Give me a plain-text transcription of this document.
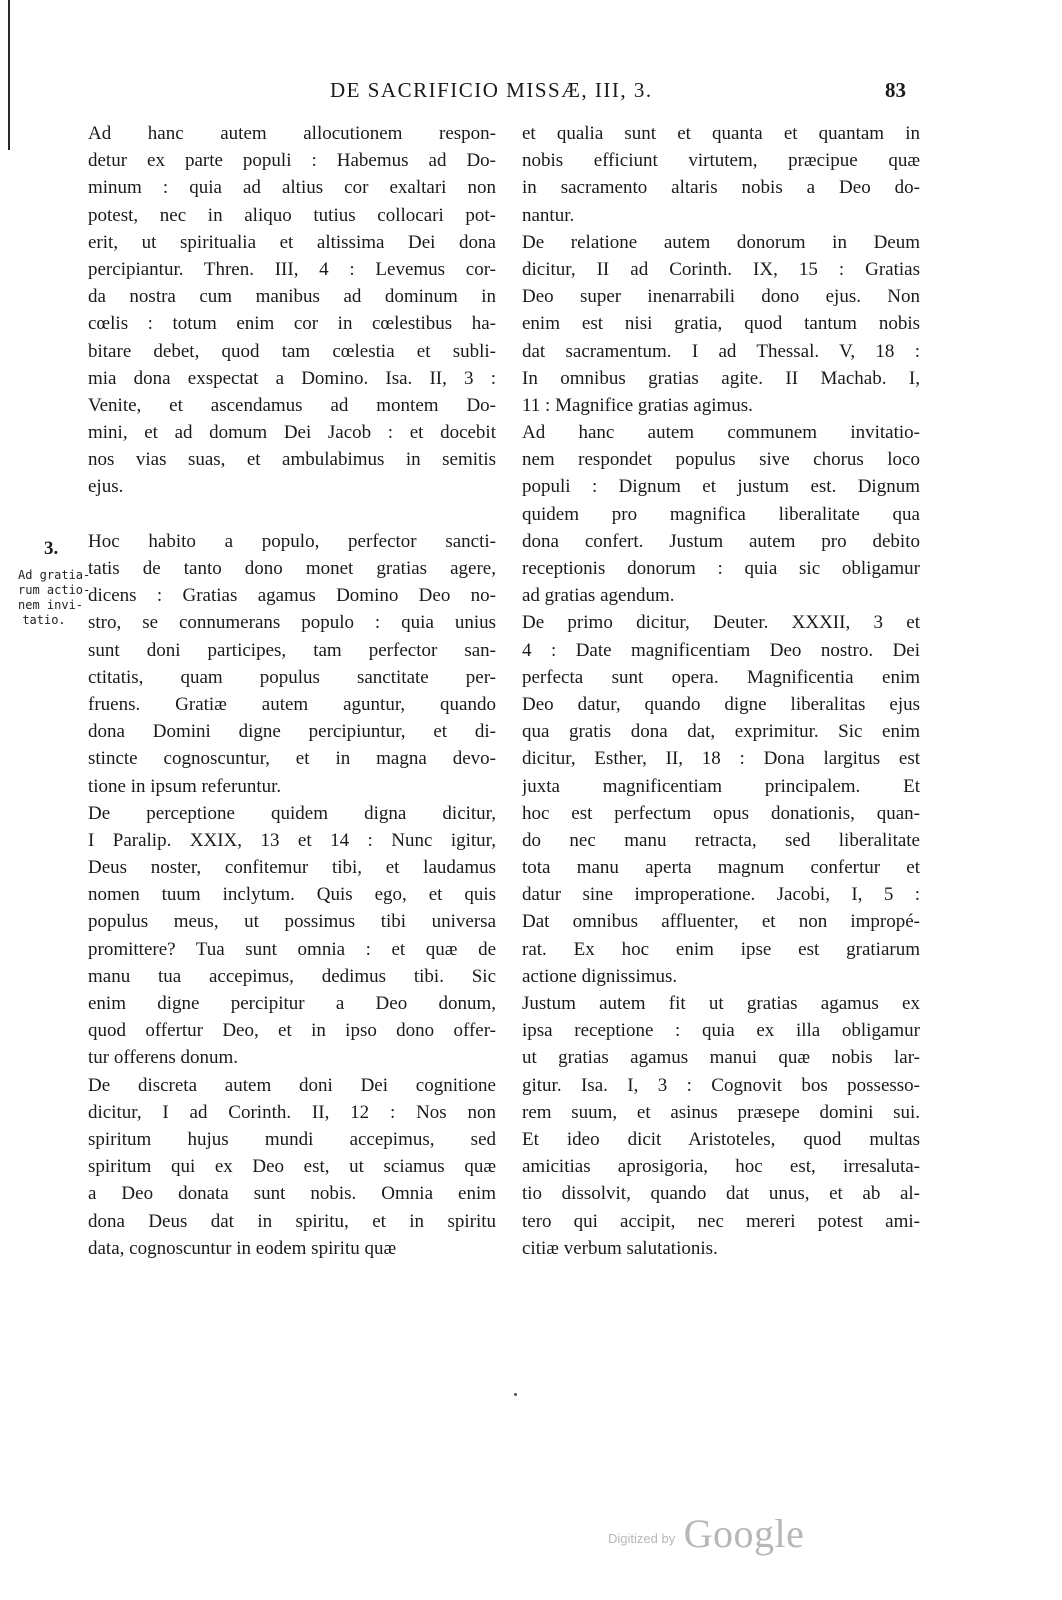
DE SACRIFICIO MISSÆ, III, 3.	83
3.
Ad gratia-
rum actio-
nem invi-
tatio.
Ad hanc autem allocutionem respon-
detur ex parte populi : Habemus ad Do-
minum : quia ad altius cor exaltari non
potest, nec in aliquo tutius collocari pot-
erit, ut spiritualia et altissima Dei dona
percipiantur. Thren. III, 4 : Levemus cor-
da nostra cum manibus ad dominum in
cœlis : totum enim cor in cœlestibus ha-
bitare debet, quod tam cœlestia et subli-
mia dona exspectat a Domino. Isa. II, 3 :
Venite, et ascendamus ad montem Do-
mini, et ad domum Dei Jacob : et docebit
nos vias suas, et ambulabimus in semitis
ejus.
Hoc habito a populo, perfector sancti-
tatis de tanto dono monet gratias agere,
dicens : Gratias agamus Domino Deo no-
stro, se connumerans populo : quia unius
sunt doni participes, tam perfector san-
ctitatis, quam populus sanctitate per-
fruens. Gratiæ autem aguntur, quando
dona Domini digne percipiuntur, et di-
stincte cognoscuntur, et in magna devo-
tione in ipsum referuntur.
De perceptione quidem digna dicitur,
I Paralip. XXIX, 13 et 14 : Nunc igitur,
Deus noster, confitemur tibi, et laudamus
nomen tuum inclytum. Quis ego, et quis
populus meus, ut possimus tibi universa
promittere? Tua sunt omnia : et quæ de
manu tua accepimus, dedimus tibi. Sic
enim digne percipitur a Deo donum,
quod offertur Deo, et in ipso dono offer-
tur offerens donum.
De discreta autem doni Dei cognitione
dicitur, I ad Corinth. II, 12 : Nos non
spiritum hujus mundi accepimus, sed
spiritum qui ex Deo est, ut sciamus quæ
a Deo donata sunt nobis. Omnia enim
dona Deus dat in spiritu, et in spiritu
data, cognoscuntur in eodem spiritu quæ
et qualia sunt et quanta et quantam in
nobis efficiunt virtutem, præcipue quæ
in sacramento altaris nobis a Deo do-
nantur.
De relatione autem donorum in Deum
dicitur, II ad Corinth. IX, 15 : Gratias
Deo super inenarrabili dono ejus. Non
enim est nisi gratia, quod tantum nobis
dat sacramentum. I ad Thessal. V, 18 :
In omnibus gratias agite. II Machab. I,
11 : Magnifice gratias agimus.
Ad hanc autem communem invitatio-
nem respondet populus sive chorus loco
populi : Dignum et justum est. Dignum
quidem pro magnifica liberalitate qua
dona confert. Justum autem pro debito
receptionis donorum : quia sic obligamur
ad gratias agendum.
De primo dicitur, Deuter. XXXII, 3 et
4 : Date magnificentiam Deo nostro. Dei
perfecta sunt opera. Magnificentia enim
Deo datur, quando digne liberalitas ejus
qua gratis dona dat, exprimitur. Sic enim
dicitur, Esther, II, 18 : Dona largitus est
juxta magnificentiam principalem. Et
hoc est perfectum opus donationis, quan-
do nec manu retracta, sed liberalitate
tota manu aperta magnum confertur et
datur sine improperatione. Jacobi, I, 5 :
Dat omnibus affluenter, et non impropé-
rat. Ex hoc enim ipse est gratiarum
actione dignissimus.
Justum autem fit ut gratias agamus ex
ipsa receptione : quia ex illa obligamur
ut gratias agamus manui quæ nobis lar-
gitur. Isa. I, 3 : Cognovit bos possesso-
rem suum, et asinus præsepe domini sui.
Et ideo dicit Aristoteles, quod multas
amicitias aprosigoria, hoc est, irresaluta-
tio dissolvit, quando dat unus, et ab al-
tero qui accipit, nec mereri potest ami-
citiæ verbum salutationis.
$^{Digitized by}$ Google
